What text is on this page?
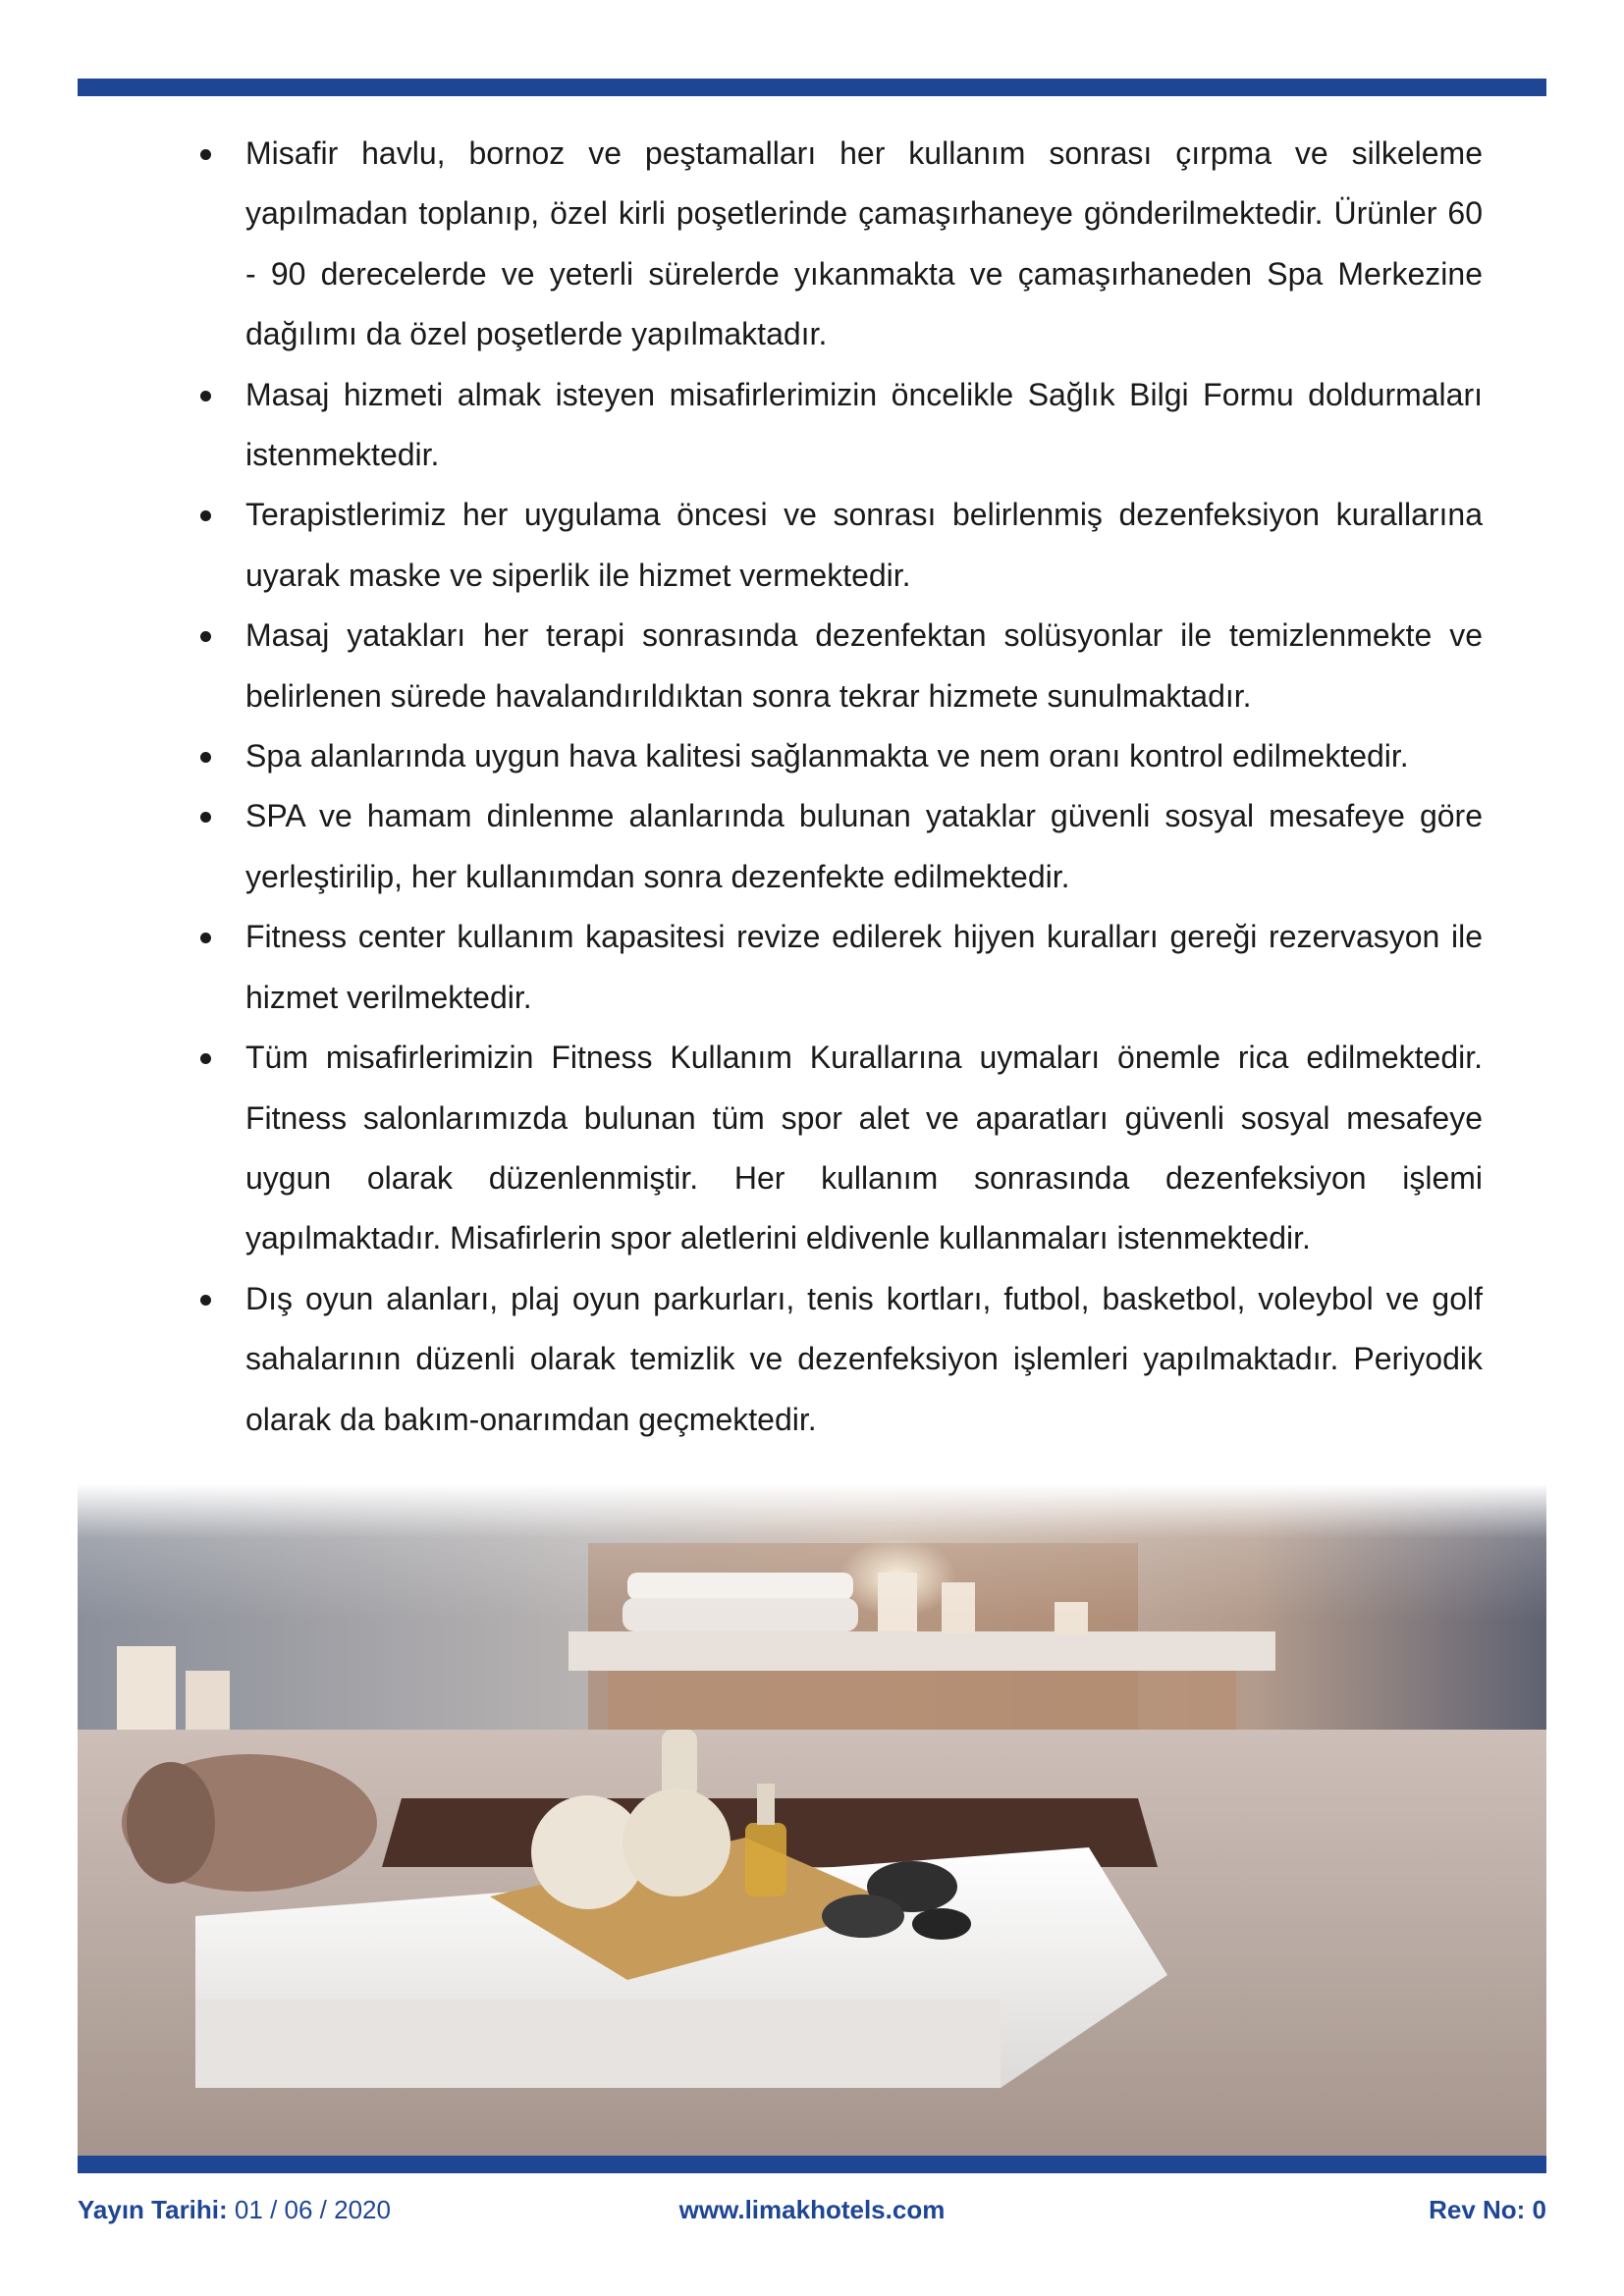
Misafir havlu, bornoz ve peştamalları her kullanım sonrası çırpma ve silkeleme yapılmadan toplanıp, özel kirli poşetlerinde çamaşırhaneye gönderilmektedir. Ürünler 60 - 90 derecelerde ve yeterli sürelerde yıkanmakta ve çamaşırhaneden Spa Merkezine dağılımı da özel poşetlerde yapılmaktadır.
Masaj hizmeti almak isteyen misafirlerimizin öncelikle Sağlık Bilgi Formu doldurmaları istenmektedir.
Terapistlerimiz her uygulama öncesi ve sonrası belirlenmiş dezenfeksiyon kurallarına uyarak maske ve siperlik ile hizmet vermektedir.
Masaj yatakları her terapi sonrasında dezenfektan solüsyonlar ile temizlenmekte ve belirlenen sürede havalandırıldıktan sonra tekrar hizmete sunulmaktadır.
Spa alanlarında uygun hava kalitesi sağlanmakta ve nem oranı kontrol edilmektedir.
SPA ve hamam dinlenme alanlarında bulunan yataklar güvenli sosyal mesafeye göre yerleştirilip, her kullanımdan sonra dezenfekte edilmektedir.
Fitness center kullanım kapasitesi revize edilerek hijyen kuralları gereği rezervasyon ile hizmet verilmektedir.
Tüm misafirlerimizin Fitness Kullanım Kurallarına uymaları önemle rica edilmektedir. Fitness salonlarımızda bulunan tüm spor alet ve aparatları güvenli sosyal mesafeye uygun olarak düzenlenmiştir. Her kullanım sonrasında dezenfeksiyon işlemi yapılmaktadır. Misafirlerin spor aletlerini eldivenle kullanmaları istenmektedir.
Dış oyun alanları, plaj oyun parkurları, tenis kortları, futbol, basketbol, voleybol ve golf sahalarının düzenli olarak temizlik ve dezenfeksiyon işlemleri yapılmaktadır. Periyodik olarak da bakım-onarımdan geçmektedir.
Yayın Tarihi: 01 / 06 / 2020	www.limakhotels.com	Rev No: 0
